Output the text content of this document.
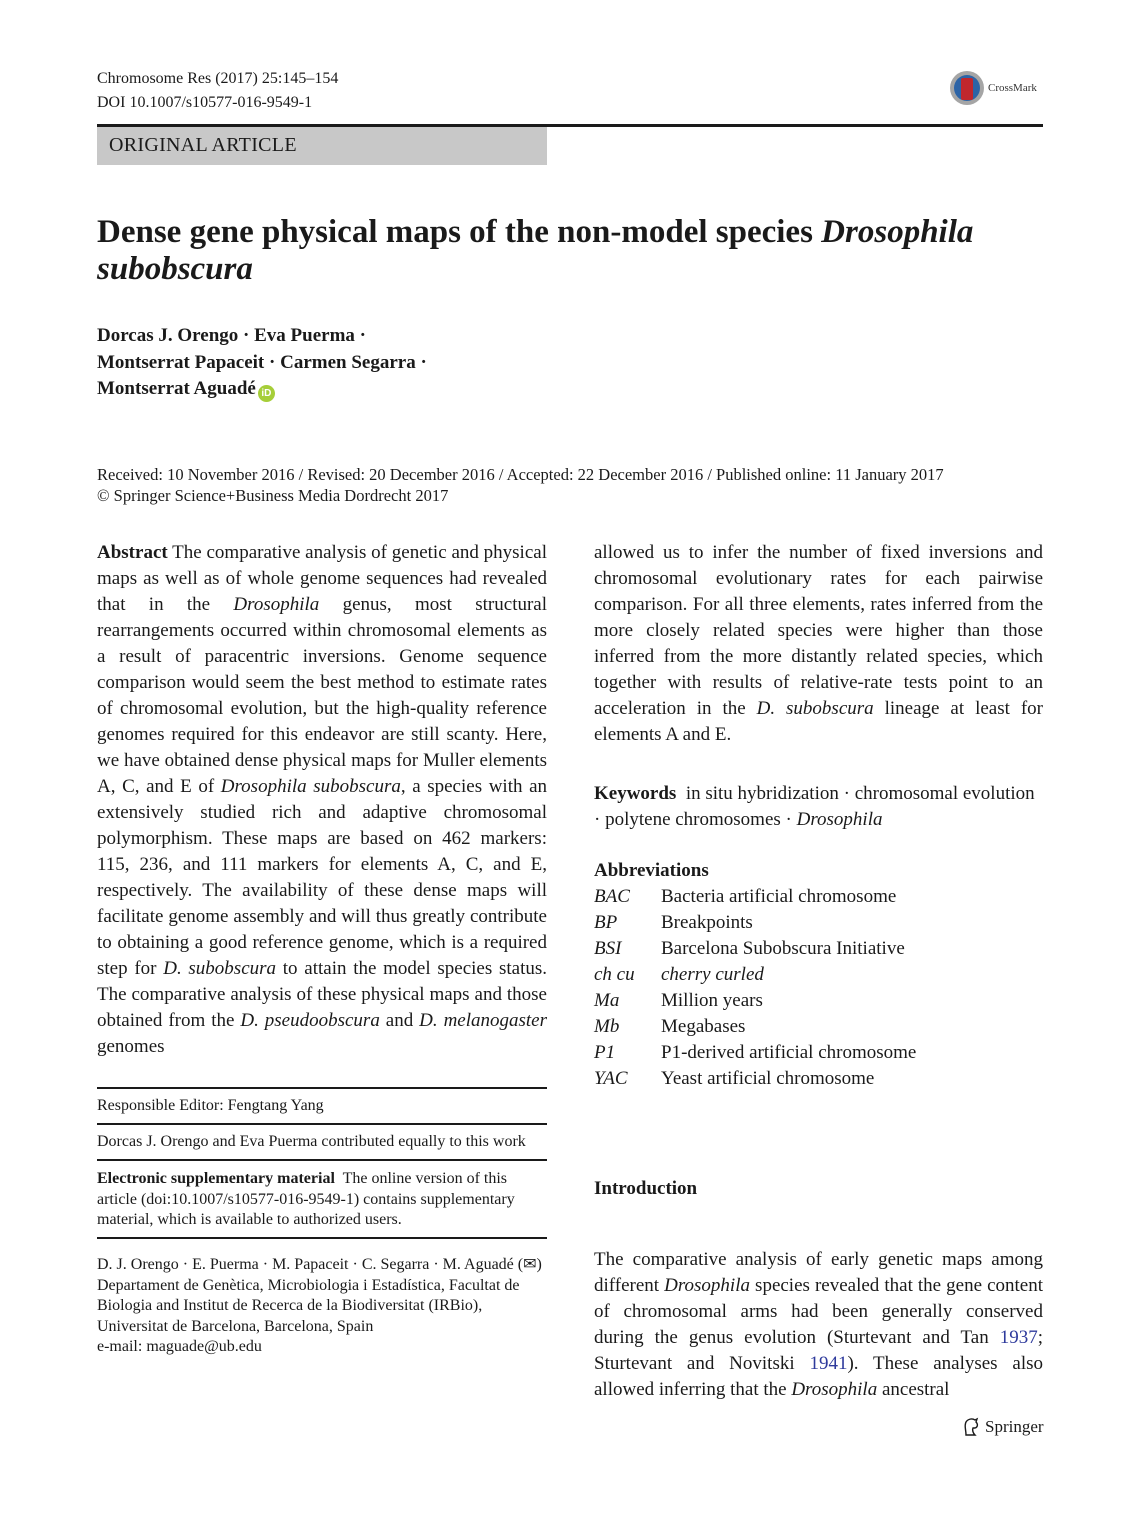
Chromosome Res (2017) 25:145–154
DOI 10.1007/s10577-016-9549-1
CrossMark
ORIGINAL ARTICLE
Dense gene physical maps of the non-model species Drosophila subobscura
Dorcas J. Orengo · Eva Puerma ·
Montserrat Papaceit · Carmen Segarra ·
Montserrat Aguadé iD
Received: 10 November 2016 / Revised: 20 December 2016 / Accepted: 22 December 2016 / Published online: 11 January 2017
© Springer Science+Business Media Dordrecht 2017

Abstract The comparative analysis of genetic and physical maps as well as of whole genome sequences had revealed that in the Drosophila genus, most structural rearrangements occurred within chromosomal elements as a result of paracentric inversions. Genome sequence comparison would seem the best method to estimate rates of chromosomal evolution, but the high-quality reference genomes required for this endeavor are still scanty. Here, we have obtained dense physical maps for Muller elements A, C, and E of Drosophila subobscura, a species with an extensively studied rich and adaptive chromosomal polymorphism. These maps are based on 462 markers: 115, 236, and 111 markers for elements A, C, and E, respectively. The availability of these dense maps will facilitate genome assembly and will thus greatly contribute to obtaining a good reference genome, which is a required step for D. subobscura to attain the model species status. The comparative analysis of these physical maps and those obtained from the D. pseudoobscura and D. melanogaster genomes

allowed us to infer the number of fixed inversions and chromosomal evolutionary rates for each pairwise comparison. For all three elements, rates inferred from the more closely related species were higher than those inferred from the more distantly related species, which together with results of relative-rate tests point to an acceleration in the D. subobscura lineage at least for elements A and E.

Keywords in situ hybridization · chromosomal evolution · polytene chromosomes · Drosophila
Abbreviations
BAC	Bacteria artificial chromosome
BP	Breakpoints
BSI	Barcelona Subobscura Initiative
ch cu	cherry curled
Ma	Million years
Mb	Megabases
P1	P1-derived artificial chromosome
YAC	Yeast artificial chromosome
Introduction

The comparative analysis of early genetic maps among different Drosophila species revealed that the gene content of chromosomal arms had been generally conserved during the genus evolution (Sturtevant and Tan 1937; Sturtevant and Novitski 1941). These analyses also allowed inferring that the Drosophila ancestral

Responsible Editor: Fengtang Yang
Dorcas J. Orengo and Eva Puerma contributed equally to this work
Electronic supplementary material The online version of this article (doi:10.1007/s10577-016-9549-1) contains supplementary material, which is available to authorized users.
D. J. Orengo · E. Puerma · M. Papaceit · C. Segarra · M. Aguadé (✉)
Departament de Genètica, Microbiologia i Estadística, Facultat de Biologia and Institut de Recerca de la Biodiversitat (IRBio), Universitat de Barcelona, Barcelona, Spain
e-mail: maguade@ub.edu
Springer
